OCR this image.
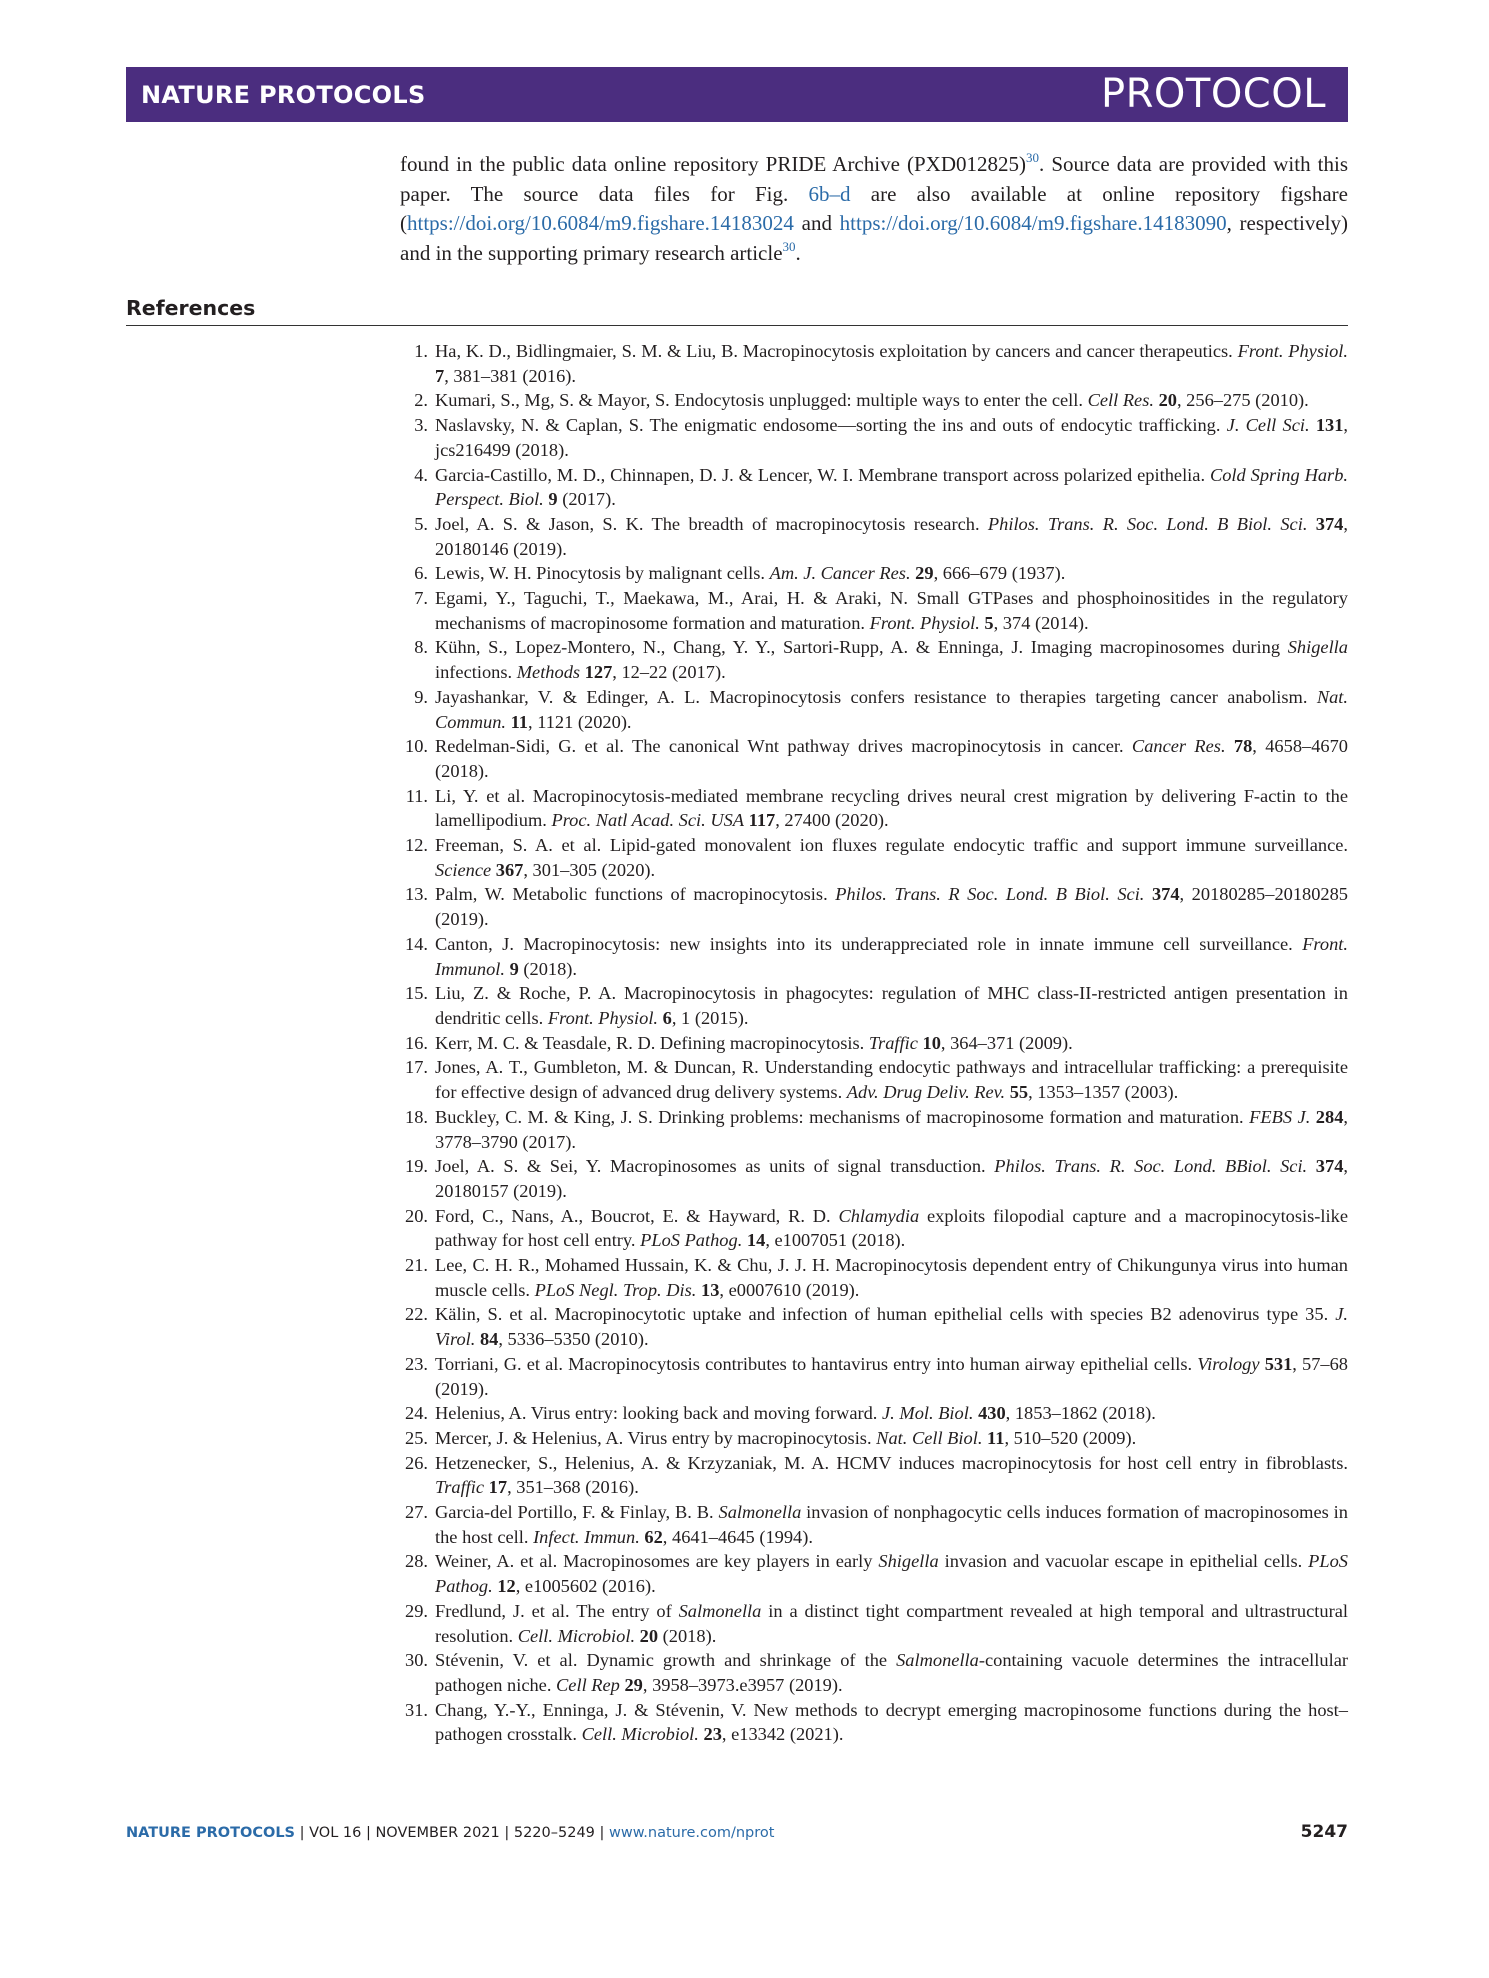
NATURE PROTOCOLS	PROTOCOL

found in the public data online repository PRIDE Archive $(PXD012825)^{30}$. Source data are provided with this paper. The source data files for Fig. 6b–d are also available at online repository figshare (https://doi.org/10.6084/m9.figshare.14183024 and https://doi.org/10.6084/m9.figshare.14183090, respectively) and in the supporting primary research article$^{30}$.

References
1. Ha, K. D., Bidlingmaier, S. M. & Liu, B. Macropinocytosis exploitation by cancers and cancer therapeutics. Front. Physiol. 7, 381–381 (2016).
2. Kumari, S., Mg, S. & Mayor, S. Endocytosis unplugged: multiple ways to enter the cell. Cell Res. 20, 256–275 (2010).
3. Naslavsky, N. & Caplan, S. The enigmatic endosome—sorting the ins and outs of endocytic trafficking. J. Cell Sci. 131, jcs216499 (2018).
4. Garcia-Castillo, M. D., Chinnapen, D. J. & Lencer, W. I. Membrane transport across polarized epithelia. Cold Spring Harb. Perspect. Biol. 9 (2017).
5. Joel, A. S. & Jason, S. K. The breadth of macropinocytosis research. Philos. Trans. R. Soc. Lond. B Biol. Sci. 374, 20180146 (2019).
6. Lewis, W. H. Pinocytosis by malignant cells. Am. J. Cancer Res. 29, 666–679 (1937).
7. Egami, Y., Taguchi, T., Maekawa, M., Arai, H. & Araki, N. Small GTPases and phosphoinositides in the regulatory mechanisms of macropinosome formation and maturation. Front. Physiol. 5, 374 (2014).
8. Kühn, S., Lopez-Montero, N., Chang, Y. Y., Sartori-Rupp, A. & Enninga, J. Imaging macropinosomes during Shigella infections. Methods 127, 12–22 (2017).
9. Jayashankar, V. & Edinger, A. L. Macropinocytosis confers resistance to therapies targeting cancer anabolism. Nat. Commun. 11, 1121 (2020).
10. Redelman-Sidi, G. et al. The canonical Wnt pathway drives macropinocytosis in cancer. Cancer Res. 78, 4658–4670 (2018).
11. Li, Y. et al. Macropinocytosis-mediated membrane recycling drives neural crest migration by delivering F-actin to the lamellipodium. Proc. Natl Acad. Sci. USA 117, 27400 (2020).
12. Freeman, S. A. et al. Lipid-gated monovalent ion fluxes regulate endocytic traffic and support immune surveillance. Science 367, 301–305 (2020).
13. Palm, W. Metabolic functions of macropinocytosis. Philos. Trans. R Soc. Lond. B Biol. Sci. 374, 20180285–20180285 (2019).
14. Canton, J. Macropinocytosis: new insights into its underappreciated role in innate immune cell surveillance. Front. Immunol. 9 (2018).
15. Liu, Z. & Roche, P. A. Macropinocytosis in phagocytes: regulation of MHC class-II-restricted antigen presentation in dendritic cells. Front. Physiol. 6, 1 (2015).
16. Kerr, M. C. & Teasdale, R. D. Defining macropinocytosis. Traffic 10, 364–371 (2009).
17. Jones, A. T., Gumbleton, M. & Duncan, R. Understanding endocytic pathways and intracellular trafficking: a prerequisite for effective design of advanced drug delivery systems. Adv. Drug Deliv. Rev. 55, 1353–1357 (2003).
18. Buckley, C. M. & King, J. S. Drinking problems: mechanisms of macropinosome formation and maturation. FEBS J. 284, 3778–3790 (2017).
19. Joel, A. S. & Sei, Y. Macropinosomes as units of signal transduction. Philos. Trans. R. Soc. Lond. BBiol. Sci. 374, 20180157 (2019).
20. Ford, C., Nans, A., Boucrot, E. & Hayward, R. D. Chlamydia exploits filopodial capture and a macropinocytosis-like pathway for host cell entry. PLoS Pathog. 14, e1007051 (2018).
21. Lee, C. H. R., Mohamed Hussain, K. & Chu, J. J. H. Macropinocytosis dependent entry of Chikungunya virus into human muscle cells. PLoS Negl. Trop. Dis. 13, e0007610 (2019).
22. Kälin, S. et al. Macropinocytotic uptake and infection of human epithelial cells with species B2 adenovirus type 35. J. Virol. 84, 5336–5350 (2010).
23. Torriani, G. et al. Macropinocytosis contributes to hantavirus entry into human airway epithelial cells. Virology 531, 57–68 (2019).
24. Helenius, A. Virus entry: looking back and moving forward. J. Mol. Biol. 430, 1853–1862 (2018).
25. Mercer, J. & Helenius, A. Virus entry by macropinocytosis. Nat. Cell Biol. 11, 510–520 (2009).
26. Hetzenecker, S., Helenius, A. & Krzyzaniak, M. A. HCMV induces macropinocytosis for host cell entry in fibroblasts. Traffic 17, 351–368 (2016).
27. Garcia-del Portillo, F. & Finlay, B. B. Salmonella invasion of nonphagocytic cells induces formation of macropinosomes in the host cell. Infect. Immun. 62, 4641–4645 (1994).
28. Weiner, A. et al. Macropinosomes are key players in early Shigella invasion and vacuolar escape in epithelial cells. PLoS Pathog. 12, e1005602 (2016).
29. Fredlund, J. et al. The entry of Salmonella in a distinct tight compartment revealed at high temporal and ultrastructural resolution. Cell. Microbiol. 20 (2018).
30. Stévenin, V. et al. Dynamic growth and shrinkage of the Salmonella-containing vacuole determines the intracellular pathogen niche. Cell Rep 29, 3958–3973.e3957 (2019).
31. Chang, Y.-Y., Enninga, J. & Stévenin, V. New methods to decrypt emerging macropinosome functions during the host–pathogen crosstalk. Cell. Microbiol. 23, e13342 (2021).
NATURE PROTOCOLS | VOL 16 | NOVEMBER 2021 | 5220–5249 | www.nature.com/nprot	5247
